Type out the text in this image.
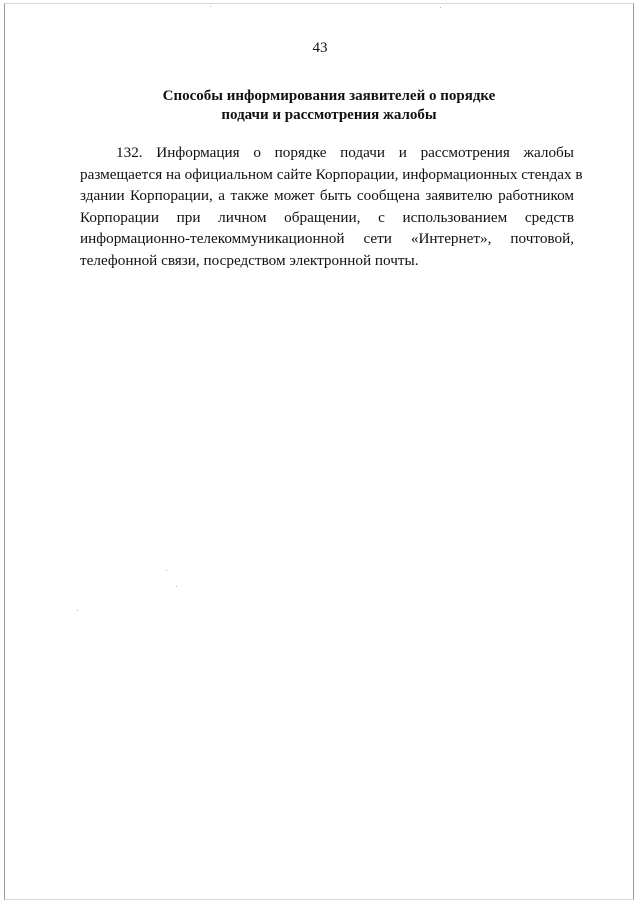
43
Способы информирования заявителей о порядке
подачи и рассмотрения жалобы
132. Информация о порядке подачи и рассмотрения жалобы
размещается на официальном сайте Корпорации, информационных стендах в
здании Корпорации, а также может быть сообщена заявителю работником
Корпорации при личном обращении, с использованием средств
информационно-телекоммуникационной сети «Интернет», почтовой,
телефонной связи, посредством электронной почты.
